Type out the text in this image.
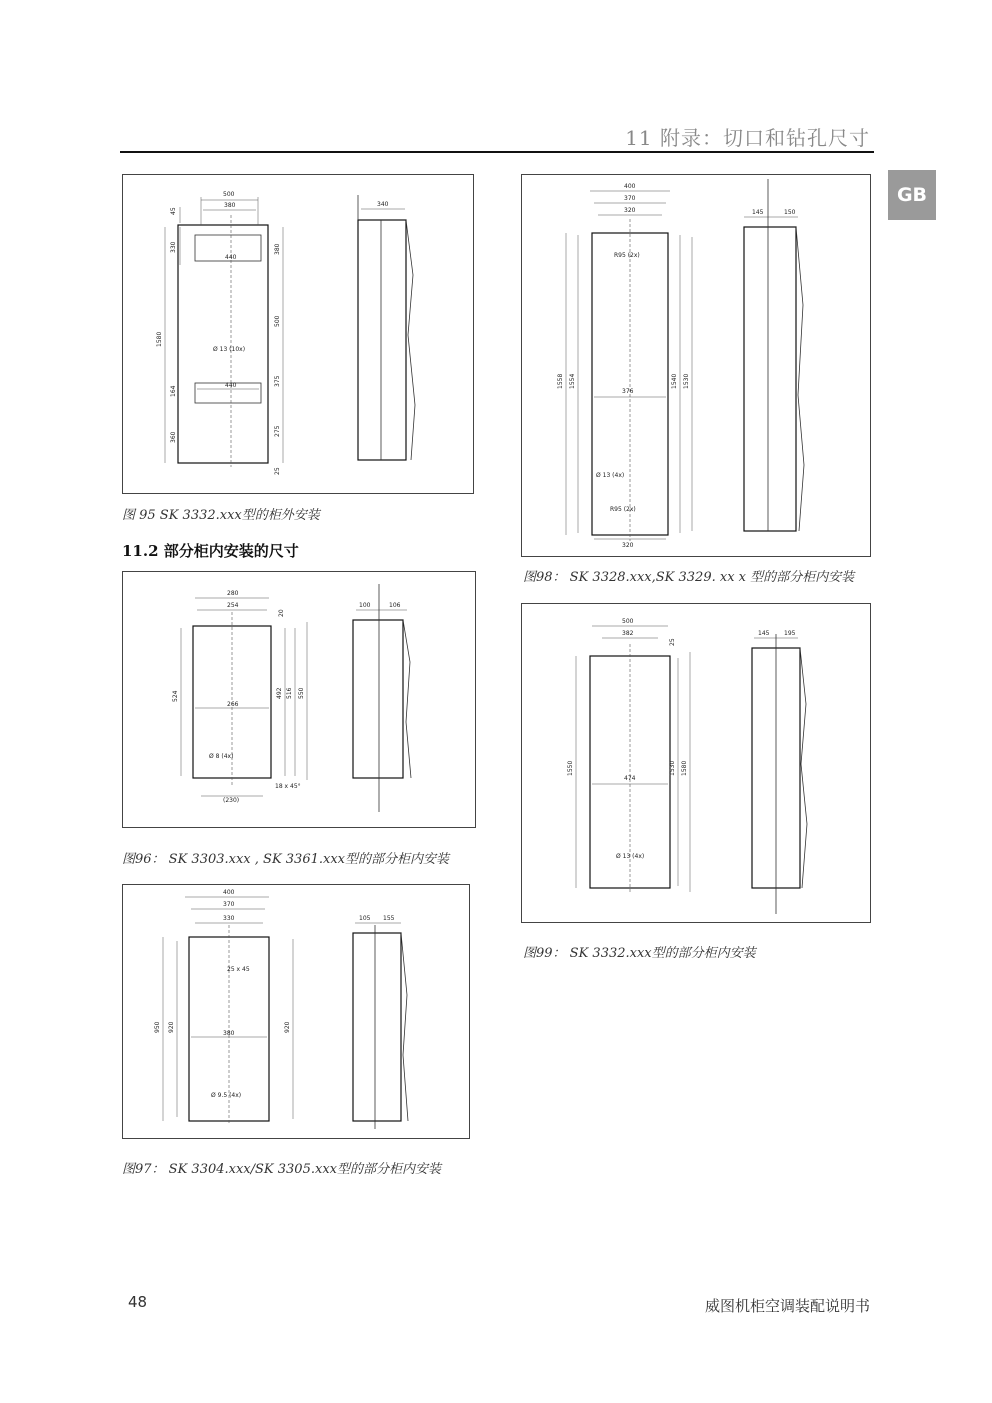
11 附录：切口和钻孔尺寸
GB
500
380	340
45
330
1580
440
380
500
375
275
25
Ø 13 (10x)
440
164
360
图 95 SK 3332.xxx型的柜外安装
11.2 部分柜内安装的尺寸
280
254
20
524
266
492 516 550
Ø 8 (4x)
18 x 45°
(230)
100	106
图96： SK 3303.xxx , SK 3361.xxx型的部分柜内安装
400
370
330
25 x 45
950 920
380
920
Ø 9.5 (4x)
105 155
图97： SK 3304.xxx/SK 3305.xxx型的部分柜内安装
400
370
320
R95 (2x)
1558 1554
376
1540 1530
Ø 13 (4x)
R95 (2x)
320
145	150
图98： SK 3328.xxx,SK 3329. xx x 型的部分柜内安装
500
382
25
1550
474
1530 1580
Ø 13 (4x)
145 195
图99： SK 3332.xxx型的部分柜内安装
48	威图机柜空调装配说明书
